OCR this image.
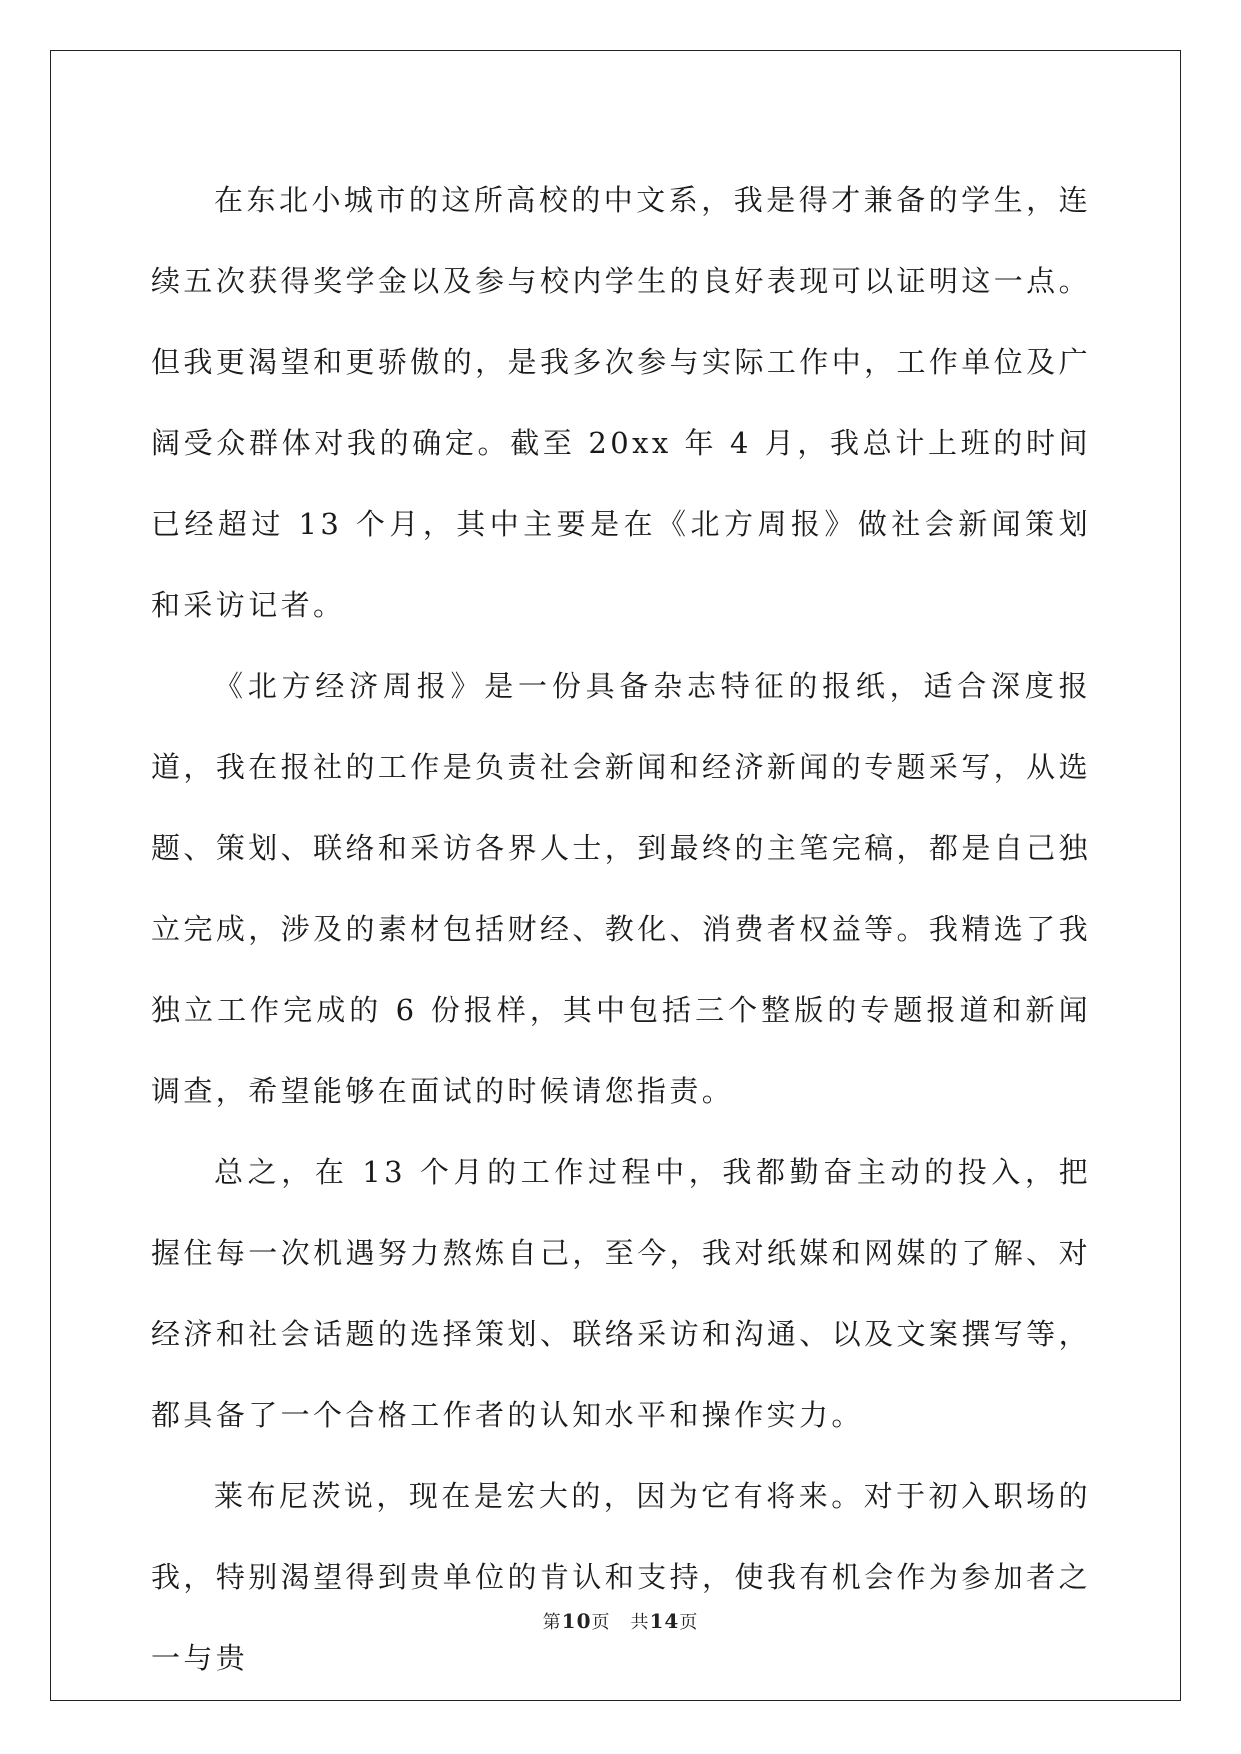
在东北小城市的这所高校的中文系，我是得才兼备的学生，连续五次获得奖学金以及参与校内学生的良好表现可以证明这一点。但我更渴望和更骄傲的，是我多次参与实际工作中，工作单位及广阔受众群体对我的确定。截至 20xx 年 4 月，我总计上班的时间已经超过 13 个月，其中主要是在《北方周报》做社会新闻策划和采访记者。

《北方经济周报》是一份具备杂志特征的报纸，适合深度报道，我在报社的工作是负责社会新闻和经济新闻的专题采写，从选题、策划、联络和采访各界人士，到最终的主笔完稿，都是自己独立完成，涉及的素材包括财经、教化、消费者权益等。我精选了我独立工作完成的 6 份报样，其中包括三个整版的专题报道和新闻调查，希望能够在面试的时候请您指责。

总之，在 13 个月的工作过程中，我都勤奋主动的投入，把握住每一次机遇努力熬炼自己，至今，我对纸媒和网媒的了解、对经济和社会话题的选择策划、联络采访和沟通、以及文案撰写等，都具备了一个合格工作者的认知水平和操作实力。

莱布尼茨说，现在是宏大的，因为它有将来。对于初入职场的我，特别渴望得到贵单位的肯认和支持，使我有机会作为参加者之一与贵

第10页 共14页
